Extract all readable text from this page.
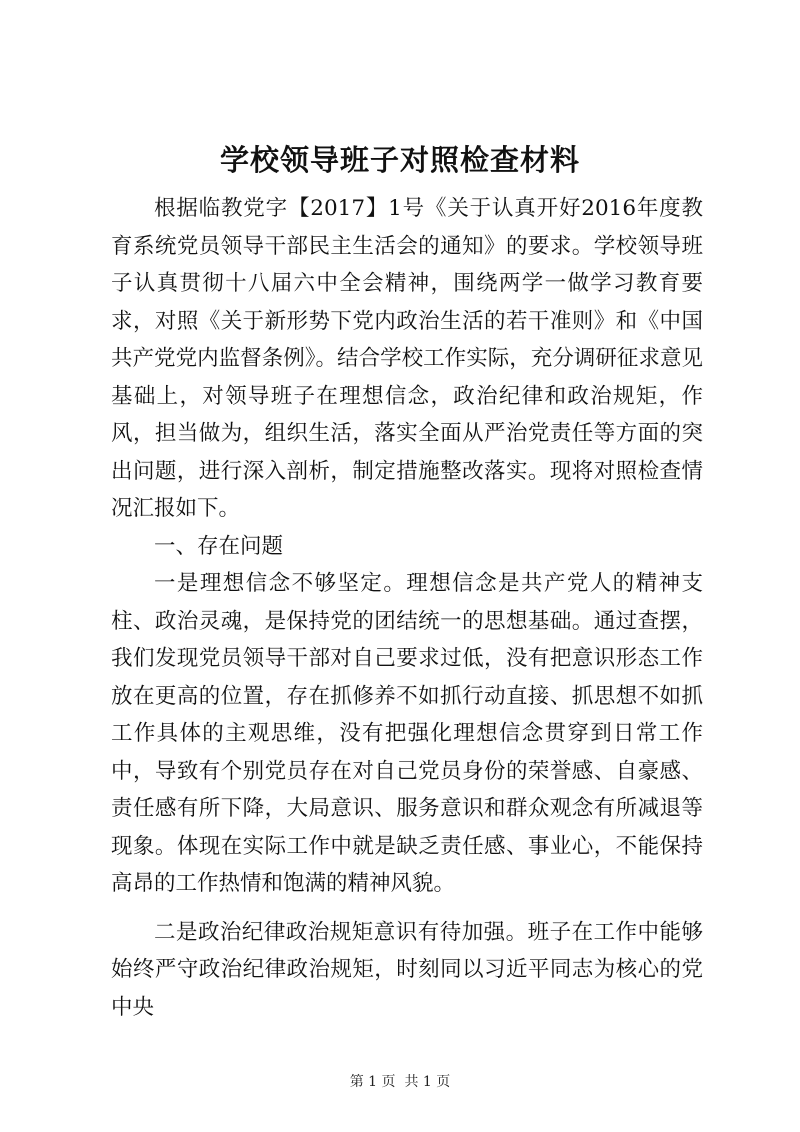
学校领导班子对照检查材料

根据临教党字【2017】1号《关于认真开好2016年度教育系统党员领导干部民主生活会的通知》的要求。学校领导班子认真贯彻十八届六中全会精神，围绕两学一做学习教育要求，对照《关于新形势下党内政治生活的若干准则》和《中国共产党党内监督条例》。结合学校工作实际，充分调研征求意见基础上，对领导班子在理想信念，政治纪律和政治规矩，作风，担当做为，组织生活，落实全面从严治党责任等方面的突出问题，进行深入剖析，制定措施整改落实。现将对照检查情况汇报如下。

一、存在问题

一是理想信念不够坚定。理想信念是共产党人的精神支柱、政治灵魂，是保持党的团结统一的思想基础。通过查摆，我们发现党员领导干部对自己要求过低，没有把意识形态工作放在更高的位置，存在抓修养不如抓行动直接、抓思想不如抓工作具体的主观思维，没有把强化理想信念贯穿到日常工作中，导致有个别党员存在对自己党员身份的荣誉感、自豪感、责任感有所下降，大局意识、服务意识和群众观念有所减退等现象。体现在实际工作中就是缺乏责任感、事业心，不能保持高昂的工作热情和饱满的精神风貌。

二是政治纪律政治规矩意识有待加强。班子在工作中能够始终严守政治纪律政治规矩，时刻同以习近平同志为核心的党中央

第 1 页  共 1 页
